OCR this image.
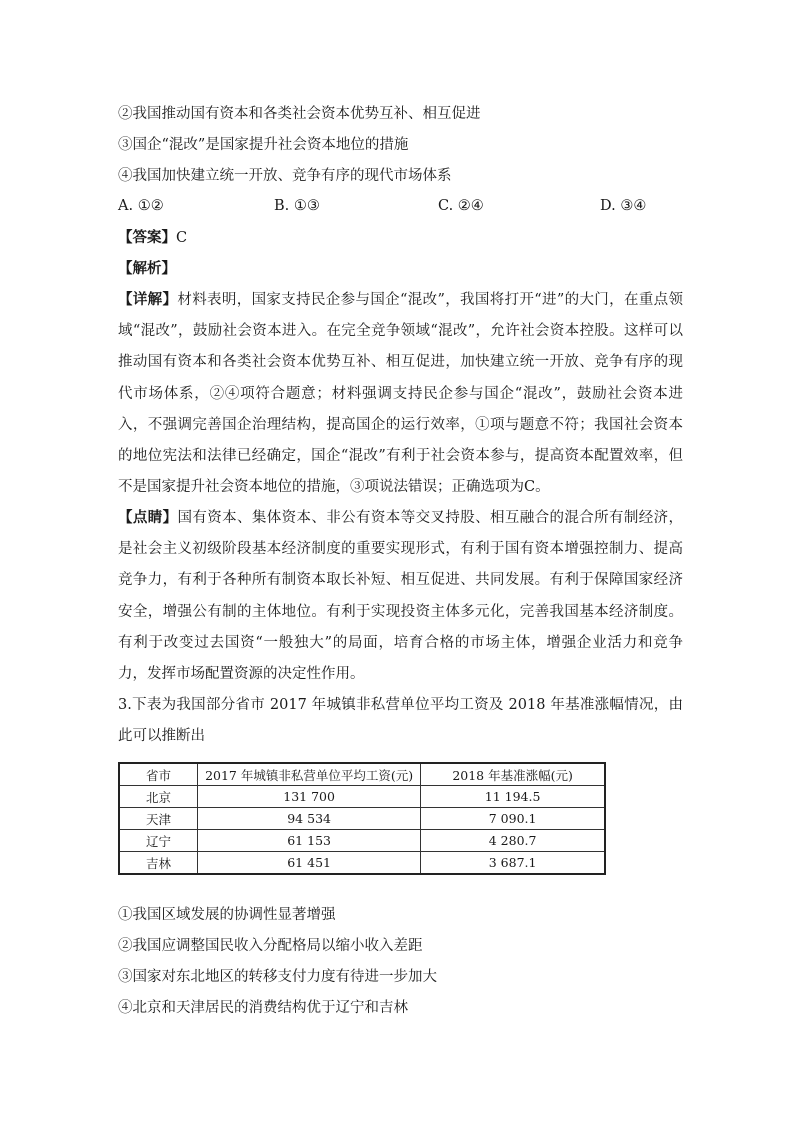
②我国推动国有资本和各类社会资本优势互补、相互促进
③国企“混改”是国家提升社会资本地位的措施
④我国加快建立统一开放、竞争有序的现代市场体系
A. ①②	B. ①③	C. ②④	D. ③④
【答案】C
【解析】
【详解】材料表明，国家支持民企参与国企“混改”，我国将打开“进”的大门，在重点领域“混改”，鼓励社会资本进入。在完全竞争领域“混改”，允许社会资本控股。这样可以推动国有资本和各类社会资本优势互补、相互促进，加快建立统一开放、竞争有序的现代市场体系，②④项符合题意；材料强调支持民企参与国企“混改”，鼓励社会资本进入，不强调完善国企治理结构，提高国企的运行效率，①项与题意不符；我国社会资本的地位宪法和法律已经确定，国企“混改”有利于社会资本参与，提高资本配置效率，但不是国家提升社会资本地位的措施，③项说法错误；正确选项为C。
【点睛】国有资本、集体资本、非公有资本等交叉持股、相互融合的混合所有制经济，是社会主义初级阶段基本经济制度的重要实现形式，有利于国有资本增强控制力、提高竞争力，有利于各种所有制资本取长补短、相互促进、共同发展。有利于保障国家经济安全，增强公有制的主体地位。有利于实现投资主体多元化，完善我国基本经济制度。有利于改变过去国资“一般独大”的局面，培育合格的市场主体，增强企业活力和竞争力，发挥市场配置资源的决定性作用。
3.下表为我国部分省市 2017 年城镇非私营单位平均工资及 2018 年基准涨幅情况，由此可以推断出
省市	2017 年城镇非私营单位平均工资(元)	2018 年基准涨幅(元)
北京	131 700	11 194.5
天津	94 534	7 090.1
辽宁	61 153	4 280.7
吉林	61 451	3 687.1
①我国区域发展的协调性显著增强
②我国应调整国民收入分配格局以缩小收入差距
③国家对东北地区的转移支付力度有待进一步加大
④北京和天津居民的消费结构优于辽宁和吉林
